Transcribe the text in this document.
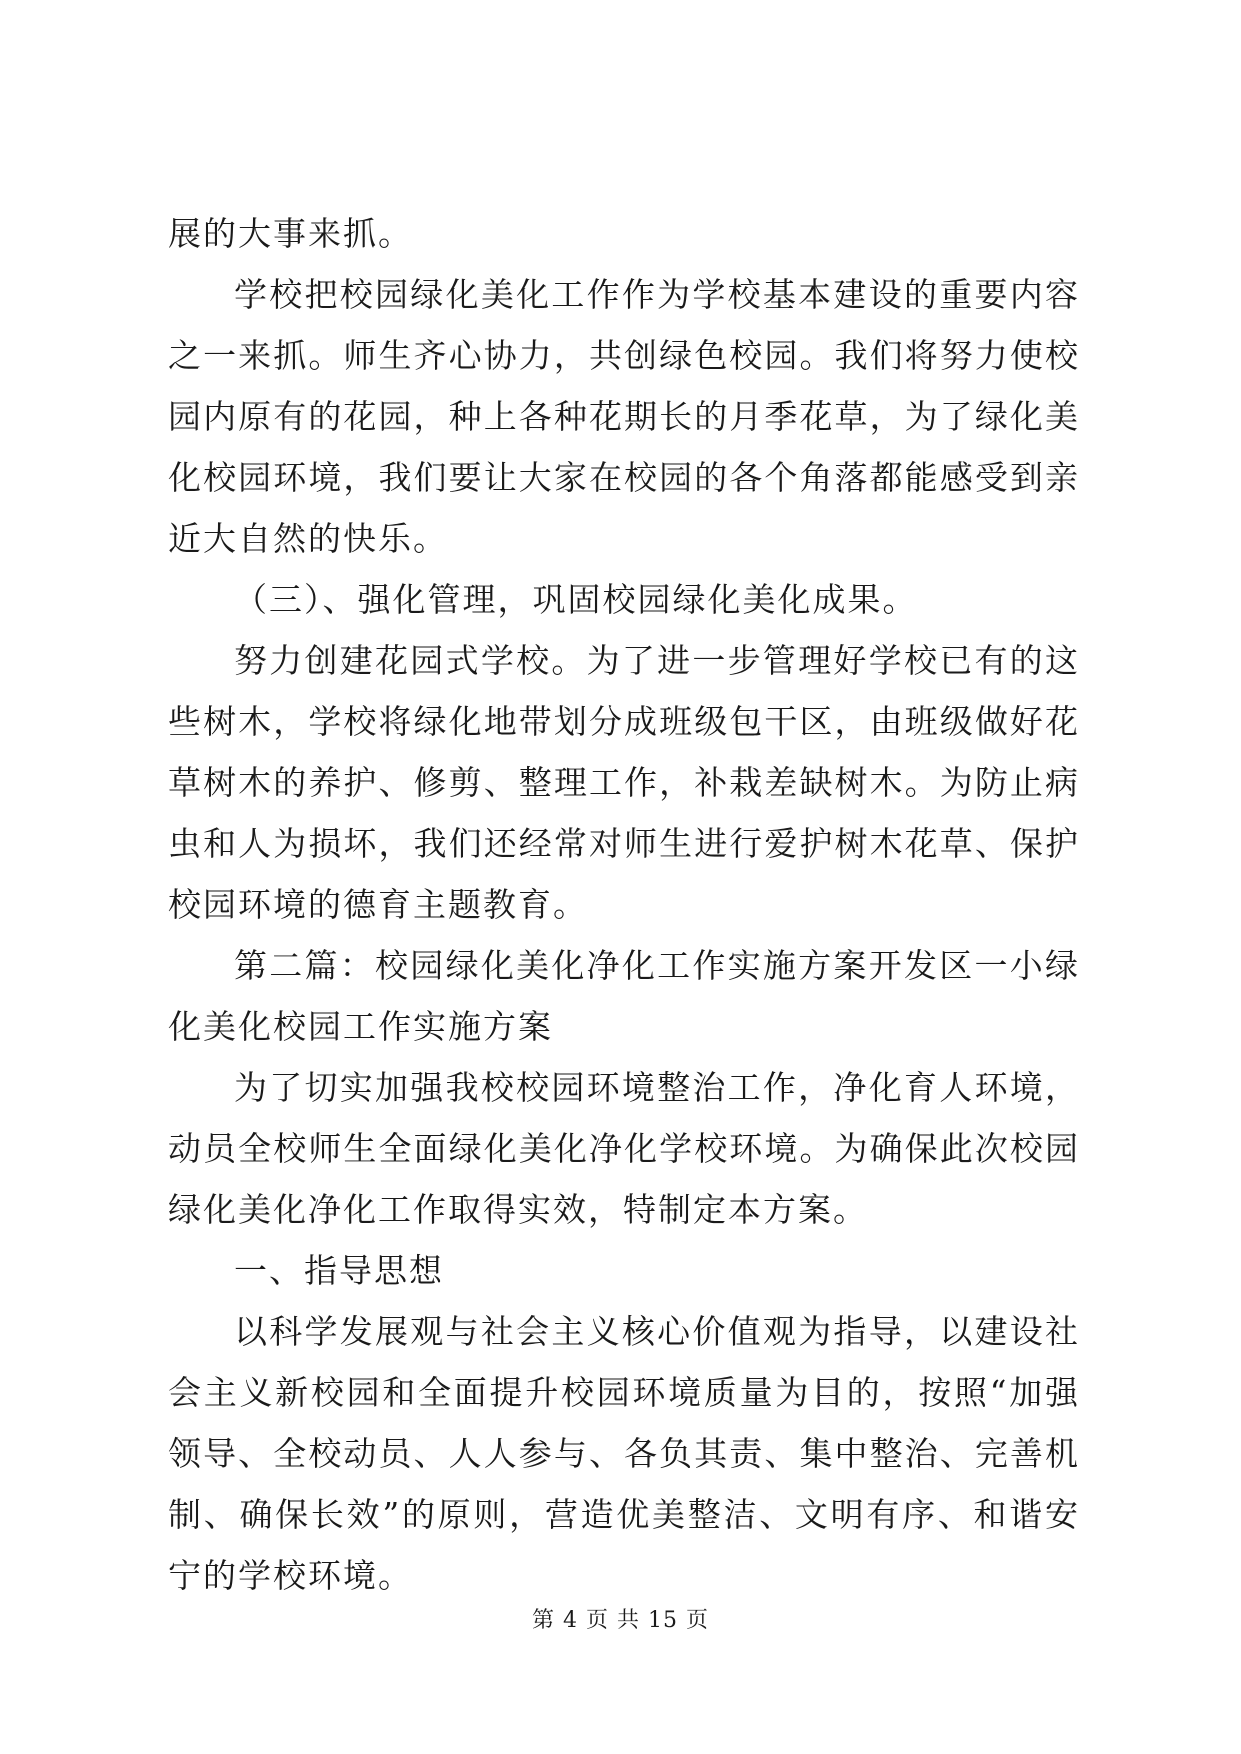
展的大事来抓。

学校把校园绿化美化工作作为学校基本建设的重要内容之一来抓。师生齐心协力，共创绿色校园。我们将努力使校园内原有的花园，种上各种花期长的月季花草，为了绿化美化校园环境，我们要让大家在校园的各个角落都能感受到亲近大自然的快乐。

（三）、强化管理，巩固校园绿化美化成果。

努力创建花园式学校。为了进一步管理好学校已有的这些树木，学校将绿化地带划分成班级包干区，由班级做好花草树木的养护、修剪、整理工作，补栽差缺树木。为防止病虫和人为损坏，我们还经常对师生进行爱护树木花草、保护校园环境的德育主题教育。

第二篇：校园绿化美化净化工作实施方案开发区一小绿化美化校园工作实施方案

为了切实加强我校校园环境整治工作，净化育人环境，动员全校师生全面绿化美化净化学校环境。为确保此次校园绿化美化净化工作取得实效，特制定本方案。

一、指导思想

以科学发展观与社会主义核心价值观为指导，以建设社会主义新校园和全面提升校园环境质量为目的，按照“加强领导、全校动员、人人参与、各负其责、集中整治、完善机制、确保长效”的原则，营造优美整洁、文明有序、和谐安宁的学校环境。

第 4 页 共 15 页
